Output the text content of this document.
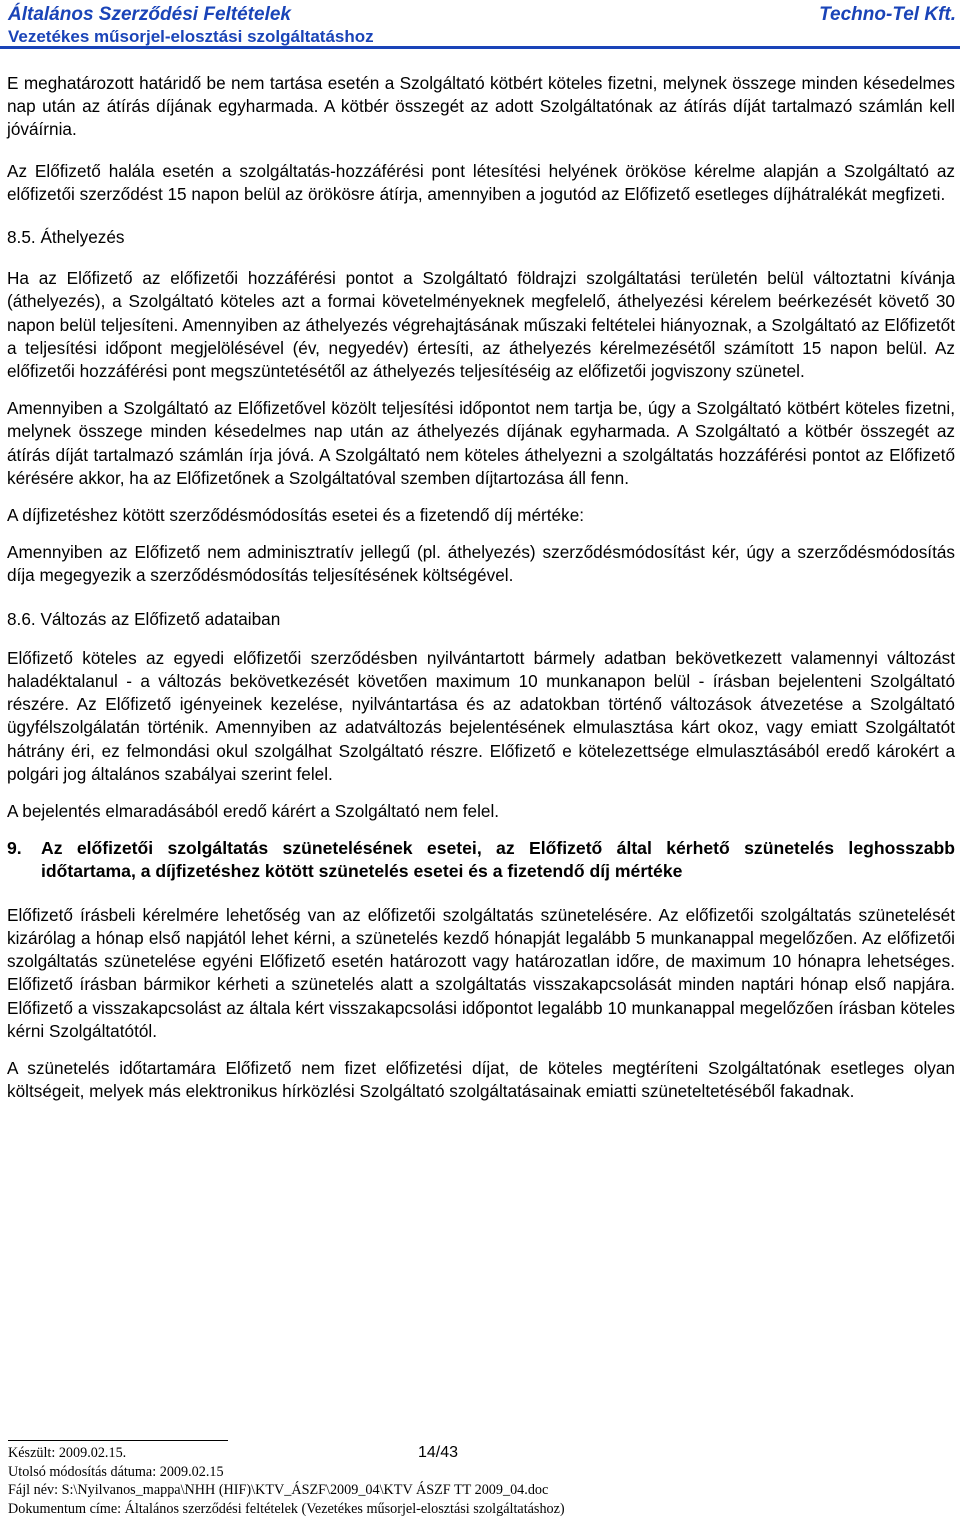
Általános Szerződési Feltételek	Techno-Tel Kft.
Vezetékes műsorjel-elosztási szolgáltatáshoz

E meghatározott határidő be nem tartása esetén a Szolgáltató kötbért köteles fizetni, melynek összege minden késedelmes nap után az átírás díjának egyharmada. A kötbér összegét az adott Szolgáltatónak az átírás díját tartalmazó számlán kell jóváírnia.

Az Előfizető halála esetén a szolgáltatás-hozzáférési pont létesítési helyének örököse kérelme alapján a Szolgáltató az előfizetői szerződést 15 napon belül az örökösre átírja, amennyiben a jogutód az Előfizető esetleges díjhátralékát megfizeti.

8.5. Áthelyezés

Ha az Előfizető az előfizetői hozzáférési pontot a Szolgáltató földrajzi szolgáltatási területén belül változtatni kívánja (áthelyezés), a Szolgáltató köteles azt a formai követelményeknek megfelelő, áthelyezési kérelem beérkezését követő 30 napon belül teljesíteni. Amennyiben az áthelyezés végrehajtásának műszaki feltételei hiányoznak, a Szolgáltató az Előfizetőt a teljesítési időpont megjelölésével (év, negyedév) értesíti, az áthelyezés kérelmezésétől számított 15 napon belül. Az előfizetői hozzáférési pont megszüntetésétől az áthelyezés teljesítéséig az előfizetői jogviszony szünetel.

Amennyiben a Szolgáltató az Előfizetővel közölt teljesítési időpontot nem tartja be, úgy a Szolgáltató kötbért köteles fizetni, melynek összege minden késedelmes nap után az áthelyezés díjának egyharmada. A Szolgáltató a kötbér összegét az átírás díját tartalmazó számlán írja jóvá. A Szolgáltató nem köteles áthelyezni a szolgáltatás hozzáférési pontot az Előfizető kérésére akkor, ha az Előfizetőnek a Szolgáltatóval szemben díjtartozása áll fenn.

A díjfizetéshez kötött szerződésmódosítás esetei és a fizetendő díj mértéke:

Amennyiben az Előfizető nem adminisztratív jellegű (pl. áthelyezés) szerződésmódosítást kér, úgy a szerződésmódosítás díja megegyezik a szerződésmódosítás teljesítésének költségével.

8.6. Változás az Előfizető adataiban

Előfizető köteles az egyedi előfizetői szerződésben nyilvántartott bármely adatban bekövetkezett valamennyi változást haladéktalanul - a változás bekövetkezését követően maximum 10 munkanapon belül - írásban bejelenteni Szolgáltató részére. Az Előfizető igényeinek kezelése, nyilvántartása és az adatokban történő változások átvezetése a Szolgáltató ügyfélszolgálatán történik. Amennyiben az adatváltozás bejelentésének elmulasztása kárt okoz, vagy emiatt Szolgáltatót hátrány éri, ez felmondási okul szolgálhat Szolgáltató részre. Előfizető e kötelezettsége elmulasztásából eredő károkért a polgári jog általános szabályai szerint felel.

A bejelentés elmaradásából eredő kárért a Szolgáltató nem felel.

9.	Az előfizetői szolgáltatás szünetelésének esetei, az Előfizető által kérhető szünetelés leghosszabb időtartama, a díjfizetéshez kötött szünetelés esetei és a fizetendő díj mértéke

Előfizető írásbeli kérelmére lehetőség van az előfizetői szolgáltatás szünetelésére. Az előfizetői szolgáltatás szünetelését kizárólag a hónap első napjától lehet kérni, a szünetelés kezdő hónapját legalább 5 munkanappal megelőzően. Az előfizetői szolgáltatás szünetelése egyéni Előfizető esetén határozott vagy határozatlan időre, de maximum 10 hónapra lehetséges. Előfizető írásban bármikor kérheti a szünetelés alatt a szolgáltatás visszakapcsolását minden naptári hónap első napjára. Előfizető a visszakapcsolást az általa kért visszakapcsolási időpontot legalább 10 munkanappal megelőzően írásban köteles kérni Szolgáltatótól.

A szünetelés időtartamára Előfizető nem fizet előfizetési díjat, de köteles megtéríteni Szolgáltatónak esetleges olyan költségeit, melyek más elektronikus hírközlési Szolgáltató szolgáltatásainak emiatti szüneteltetéséből fakadnak.

Készült: 2009.02.15.	14/43
Utolsó módosítás dátuma: 2009.02.15
Fájl név: S:\Nyilvanos_mappa\NHH (HIF)\KTV_ÁSZF\2009_04\KTV ÁSZF TT 2009_04.doc
Dokumentum címe: Általános szerződési feltételek (Vezetékes műsorjel-elosztási szolgáltatáshoz)
